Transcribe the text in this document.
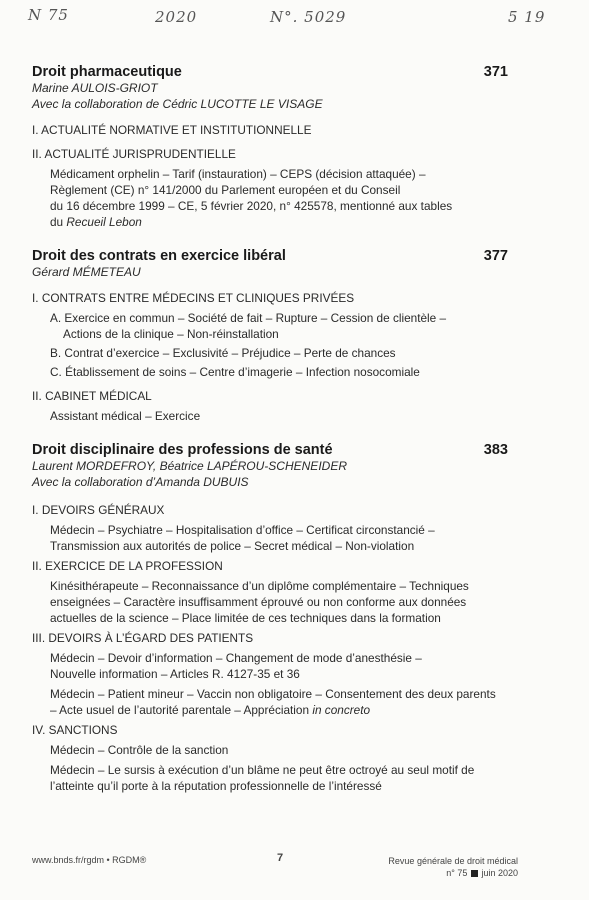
N 75	2020	N°. 5029	5 19
Droit pharmaceutique	371
Marine AULOIS-GRIOT
Avec la collaboration de Cédric LUCOTTE LE VISAGE
I. ACTUALITÉ NORMATIVE ET INSTITUTIONNELLE
II. ACTUALITÉ JURISPRUDENTIELLE
Médicament orphelin – Tarif (instauration) – CEPS (décision attaquée) –
Règlement (CE) n° 141/2000 du Parlement européen et du Conseil
du 16 décembre 1999 – CE, 5 février 2020, n° 425578, mentionné aux tables
du Recueil Lebon
Droit des contrats en exercice libéral	377
Gérard MÉMETEAU
I. CONTRATS ENTRE MÉDECINS ET CLINIQUES PRIVÉES
A. Exercice en commun – Société de fait – Rupture – Cession de clientèle –
Actions de la clinique – Non-réinstallation
B. Contrat d’exercice – Exclusivité – Préjudice – Perte de chances
C. Établissement de soins – Centre d’imagerie – Infection nosocomiale
II. CABINET MÉDICAL
Assistant médical – Exercice
Droit disciplinaire des professions de santé	383
Laurent MORDEFROY, Béatrice LAPÉROU-SCHENEIDER
Avec la collaboration d’Amanda DUBUIS
I. DEVOIRS GÉNÉRAUX
Médecin – Psychiatre – Hospitalisation d’office – Certificat circonstancié –
Transmission aux autorités de police – Secret médical – Non-violation
II. EXERCICE DE LA PROFESSION
Kinésithérapeute – Reconnaissance d’un diplôme complémentaire – Techniques
enseignées – Caractère insuffisamment éprouvé ou non conforme aux données
actuelles de la science – Place limitée de ces techniques dans la formation
III. DEVOIRS À L’ÉGARD DES PATIENTS
Médecin – Devoir d’information – Changement de mode d’anesthésie –
Nouvelle information – Articles R. 4127-35 et 36
Médecin – Patient mineur – Vaccin non obligatoire – Consentement des deux parents
– Acte usuel de l’autorité parentale – Appréciation in concreto
IV. SANCTIONS
Médecin – Contrôle de la sanction
Médecin – Le sursis à exécution d’un blâme ne peut être octroyé au seul motif de
l’atteinte qu’il porte à la réputation professionnelle de l’intéressé
www.bnds.fr/rgdm • RGDM®	7	Revue générale de droit médical
n° 75 juin 2020
